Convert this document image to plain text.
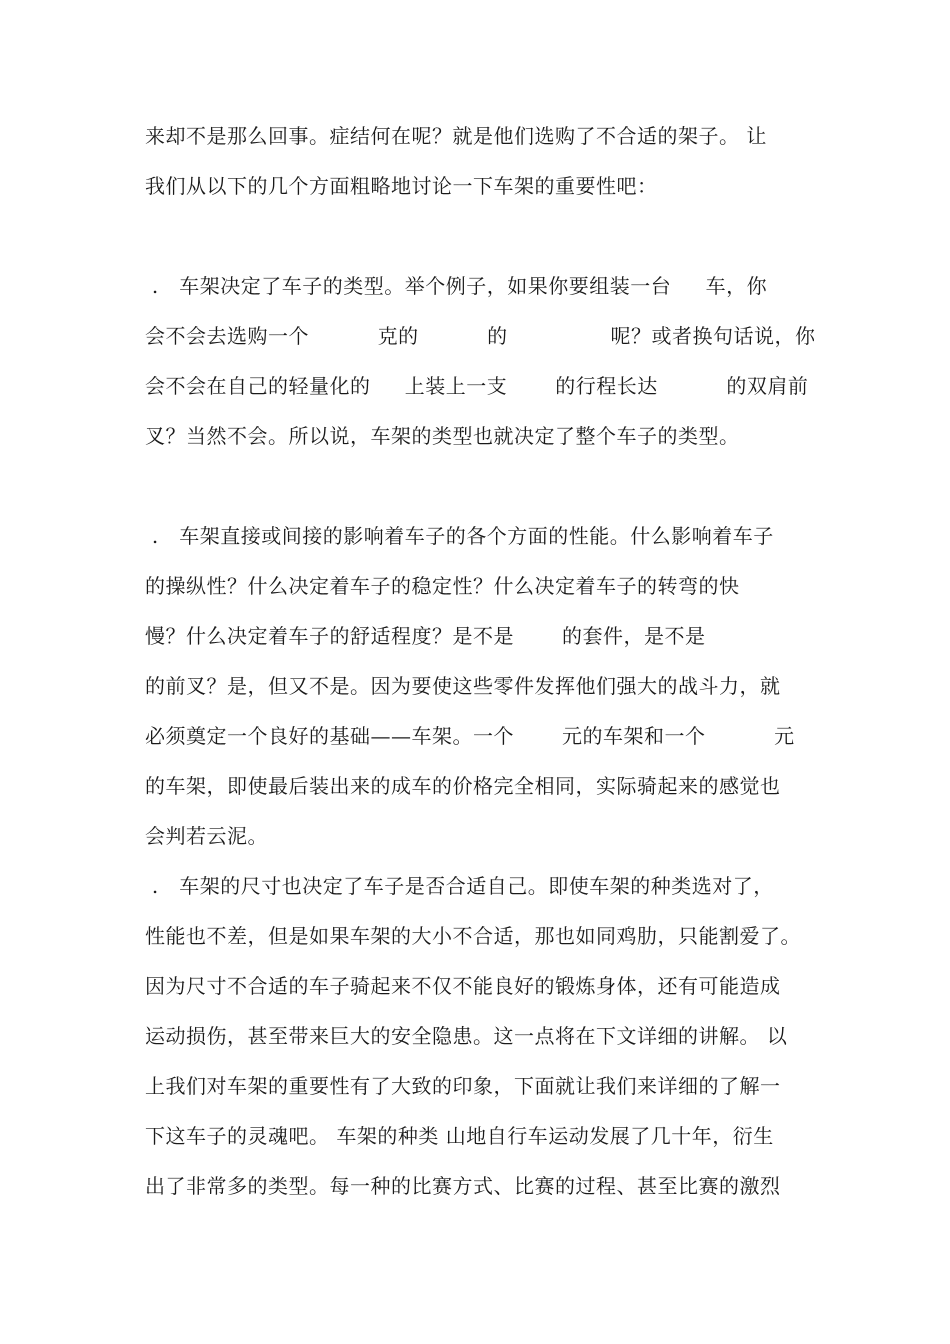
来却不是那么回事。症结何在呢？就是他们选购了不合适的架子。 让
我们从以下的几个方面粗略地讨论一下车架的重要性吧：
.   车架决定了车子的类型。举个例子，如果你要组装一台     车，你
会不会去选购一个          克的          的               呢？或者换句话说，你
会不会在自己的轻量化的     上装上一支       的行程长达          的双肩前
叉？当然不会。所以说，车架的类型也就决定了整个车子的类型。
.   车架直接或间接的影响着车子的各个方面的性能。什么影响着车子
的操纵性？什么决定着车子的稳定性？什么决定着车子的转弯的快
慢？什么决定着车子的舒适程度？是不是       的套件，是不是
的前叉？是，但又不是。因为要使这些零件发挥他们强大的战斗力，就
必须奠定一个良好的基础——车架。一个       元的车架和一个          元
的车架，即使最后装出来的成车的价格完全相同，实际骑起来的感觉也
会判若云泥。
.   车架的尺寸也决定了车子是否合适自己。即使车架的种类选对了，
性能也不差，但是如果车架的大小不合适，那也如同鸡肋，只能割爱了。
因为尺寸不合适的车子骑起来不仅不能良好的锻炼身体，还有可能造成
运动损伤，甚至带来巨大的安全隐患。这一点将在下文详细的讲解。 以
上我们对车架的重要性有了大致的印象，下面就让我们来详细的了解一
下这车子的灵魂吧。 车架的种类 山地自行车运动发展了几十年，衍生
出了非常多的类型。每一种的比赛方式、比赛的过程、甚至比赛的激烈
